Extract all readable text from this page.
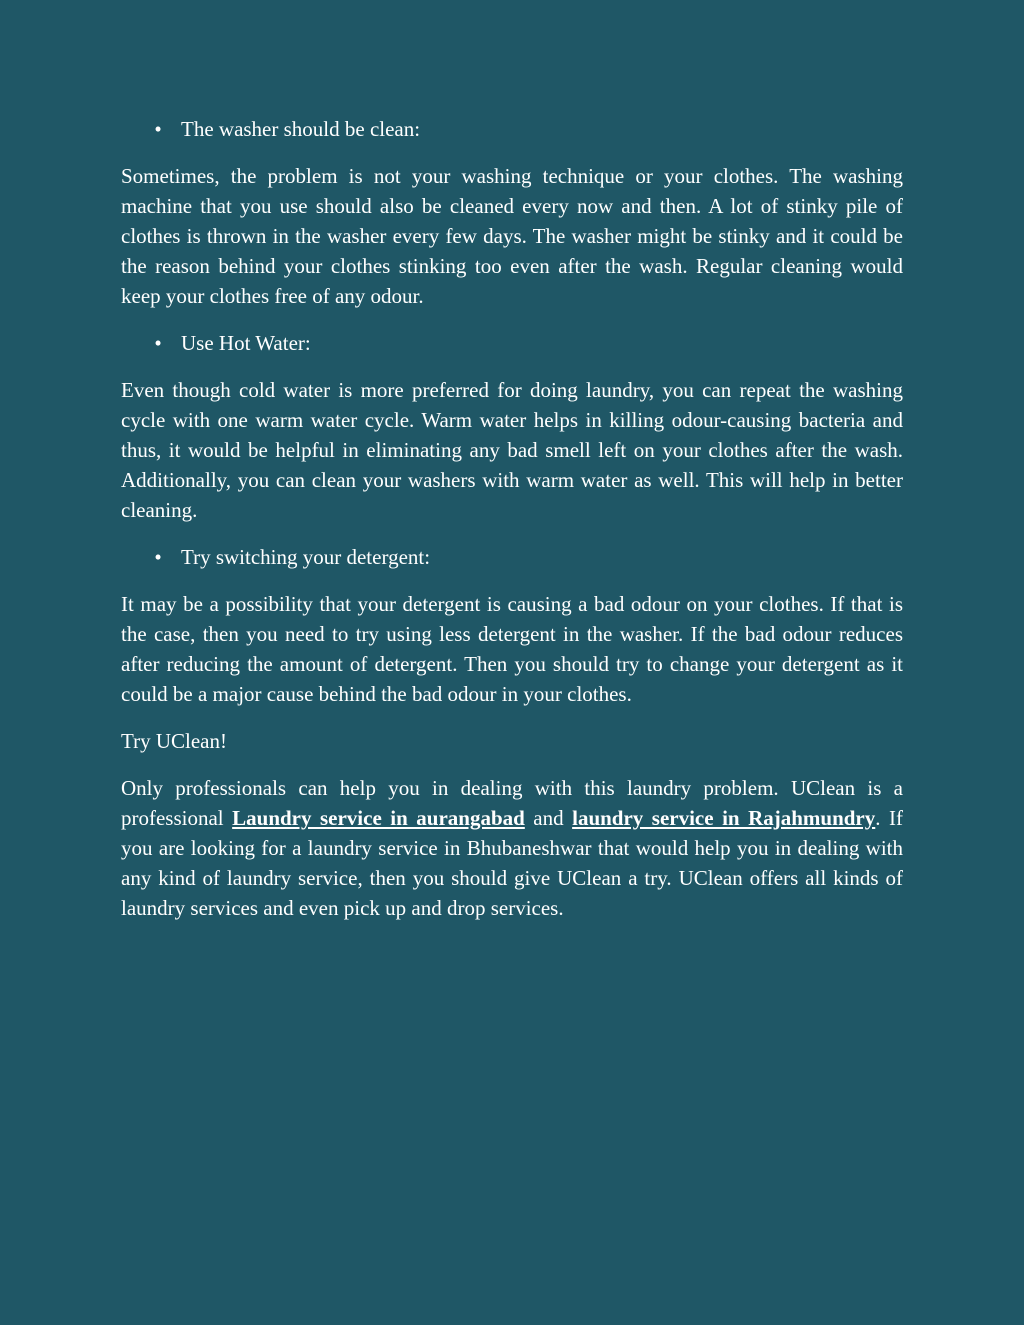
• The washer should be clean:

Sometimes, the problem is not your washing technique or your clothes. The washing machine that you use should also be cleaned every now and then. A lot of stinky pile of clothes is thrown in the washer every few days. The washer might be stinky and it could be the reason behind your clothes stinking too even after the wash. Regular cleaning would keep your clothes free of any odour.

• Use Hot Water:

Even though cold water is more preferred for doing laundry, you can repeat the washing cycle with one warm water cycle. Warm water helps in killing odour-causing bacteria and thus, it would be helpful in eliminating any bad smell left on your clothes after the wash. Additionally, you can clean your washers with warm water as well. This will help in better cleaning.

• Try switching your detergent:

It may be a possibility that your detergent is causing a bad odour on your clothes. If that is the case, then you need to try using less detergent in the washer. If the bad odour reduces after reducing the amount of detergent. Then you should try to change your detergent as it could be a major cause behind the bad odour in your clothes.

Try UClean!

Only professionals can help you in dealing with this laundry problem. UClean is a professional Laundry service in aurangabad and laundry service in Rajahmundry. If you are looking for a laundry service in Bhubaneshwar that would help you in dealing with any kind of laundry service, then you should give UClean a try. UClean offers all kinds of laundry services and even pick up and drop services.
